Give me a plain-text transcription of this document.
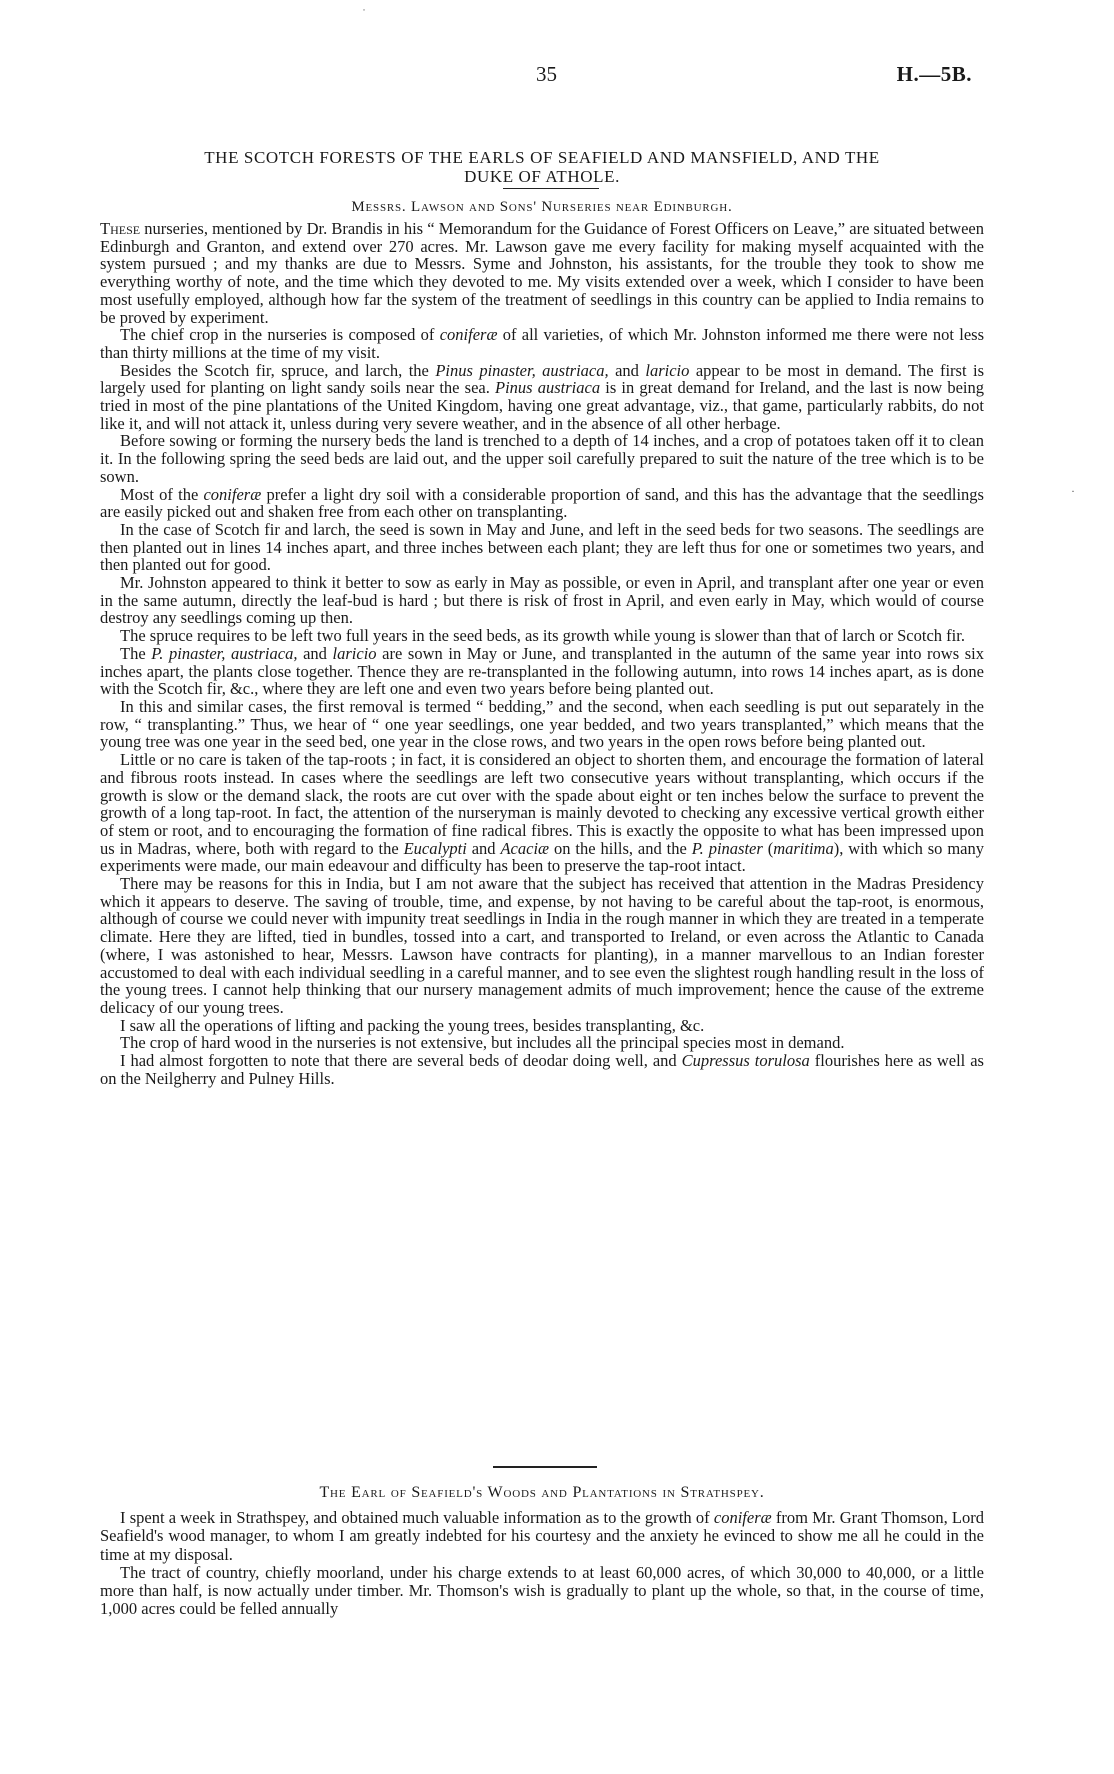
35	H.—5B.
THE SCOTCH FORESTS OF THE EARLS OF SEAFIELD AND MANSFIELD, AND THE
DUKE OF ATHOLE.
Messrs. Lawson and Sons' Nurseries near Edinburgh.

These nurseries, mentioned by Dr. Brandis in his “ Memorandum for the Guidance of Forest Officers on Leave,” are situated between Edinburgh and Granton, and extend over 270 acres. Mr. Lawson gave me every facility for making myself acquainted with the system pursued ; and my thanks are due to Messrs. Syme and Johnston, his assistants, for the trouble they took to show me everything worthy of note, and the time which they devoted to me. My visits extended over a week, which I consider to have been most usefully employed, although how far the system of the treatment of seedlings in this country can be applied to India remains to be proved by experiment.

The chief crop in the nurseries is composed of coniferæ of all varieties, of which Mr. Johnston informed me there were not less than thirty millions at the time of my visit.

Besides the Scotch fir, spruce, and larch, the Pinus pinaster, austriaca, and laricio appear to be most in demand. The first is largely used for planting on light sandy soils near the sea. Pinus austriaca is in great demand for Ireland, and the last is now being tried in most of the pine plantations of the United Kingdom, having one great advantage, viz., that game, particularly rabbits, do not like it, and will not attack it, unless during very severe weather, and in the absence of all other herbage.

Before sowing or forming the nursery beds the land is trenched to a depth of 14 inches, and a crop of potatoes taken off it to clean it. In the following spring the seed beds are laid out, and the upper soil carefully prepared to suit the nature of the tree which is to be sown.

Most of the coniferæ prefer a light dry soil with a considerable proportion of sand, and this has the advantage that the seedlings are easily picked out and shaken free from each other on transplanting.

In the case of Scotch fir and larch, the seed is sown in May and June, and left in the seed beds for two seasons. The seedlings are then planted out in lines 14 inches apart, and three inches between each plant; they are left thus for one or sometimes two years, and then planted out for good.

Mr. Johnston appeared to think it better to sow as early in May as possible, or even in April, and transplant after one year or even in the same autumn, directly the leaf-bud is hard ; but there is risk of frost in April, and even early in May, which would of course destroy any seedlings coming up then.

The spruce requires to be left two full years in the seed beds, as its growth while young is slower than that of larch or Scotch fir.

The P. pinaster, austriaca, and laricio are sown in May or June, and transplanted in the autumn of the same year into rows six inches apart, the plants close together. Thence they are re-transplanted in the following autumn, into rows 14 inches apart, as is done with the Scotch fir, &c., where they are left one and even two years before being planted out.

In this and similar cases, the first removal is termed “ bedding,” and the second, when each seedling is put out separately in the row, “ transplanting.” Thus, we hear of “ one year seedlings, one year bedded, and two years transplanted,” which means that the young tree was one year in the seed bed, one year in the close rows, and two years in the open rows before being planted out.

Little or no care is taken of the tap-roots ; in fact, it is considered an object to shorten them, and encourage the formation of lateral and fibrous roots instead. In cases where the seedlings are left two consecutive years without transplanting, which occurs if the growth is slow or the demand slack, the roots are cut over with the spade about eight or ten inches below the surface to prevent the growth of a long tap-root. In fact, the attention of the nurseryman is mainly devoted to checking any excessive vertical growth either of stem or root, and to encouraging the formation of fine radical fibres. This is exactly the opposite to what has been impressed upon us in Madras, where, both with regard to the Eucalypti and Acaciæ on the hills, and the P. pinaster (maritima), with which so many experiments were made, our main edeavour and difficulty has been to preserve the tap-root intact.

There may be reasons for this in India, but I am not aware that the subject has received that attention in the Madras Presidency which it appears to deserve. The saving of trouble, time, and expense, by not having to be careful about the tap-root, is enormous, although of course we could never with impunity treat seedlings in India in the rough manner in which they are treated in a temperate climate. Here they are lifted, tied in bundles, tossed into a cart, and transported to Ireland, or even across the Atlantic to Canada (where, I was astonished to hear, Messrs. Lawson have contracts for planting), in a manner marvellous to an Indian forester accustomed to deal with each individual seedling in a careful manner, and to see even the slightest rough handling result in the loss of the young trees. I cannot help thinking that our nursery management admits of much improvement; hence the cause of the extreme delicacy of our young trees.

I saw all the operations of lifting and packing the young trees, besides transplanting, &c.

The crop of hard wood in the nurseries is not extensive, but includes all the principal species most in demand.

I had almost forgotten to note that there are several beds of deodar doing well, and Cupressus torulosa flourishes here as well as on the Neilgherry and Pulney Hills.

The Earl of Seafield's Woods and Plantations in Strathspey.

I spent a week in Strathspey, and obtained much valuable information as to the growth of coniferæ from Mr. Grant Thomson, Lord Seafield's wood manager, to whom I am greatly indebted for his courtesy and the anxiety he evinced to show me all he could in the time at my disposal.

The tract of country, chiefly moorland, under his charge extends to at least 60,000 acres, of which 30,000 to 40,000, or a little more than half, is now actually under timber. Mr. Thomson's wish is gradually to plant up the whole, so that, in the course of time, 1,000 acres could be felled annually

˙
·
